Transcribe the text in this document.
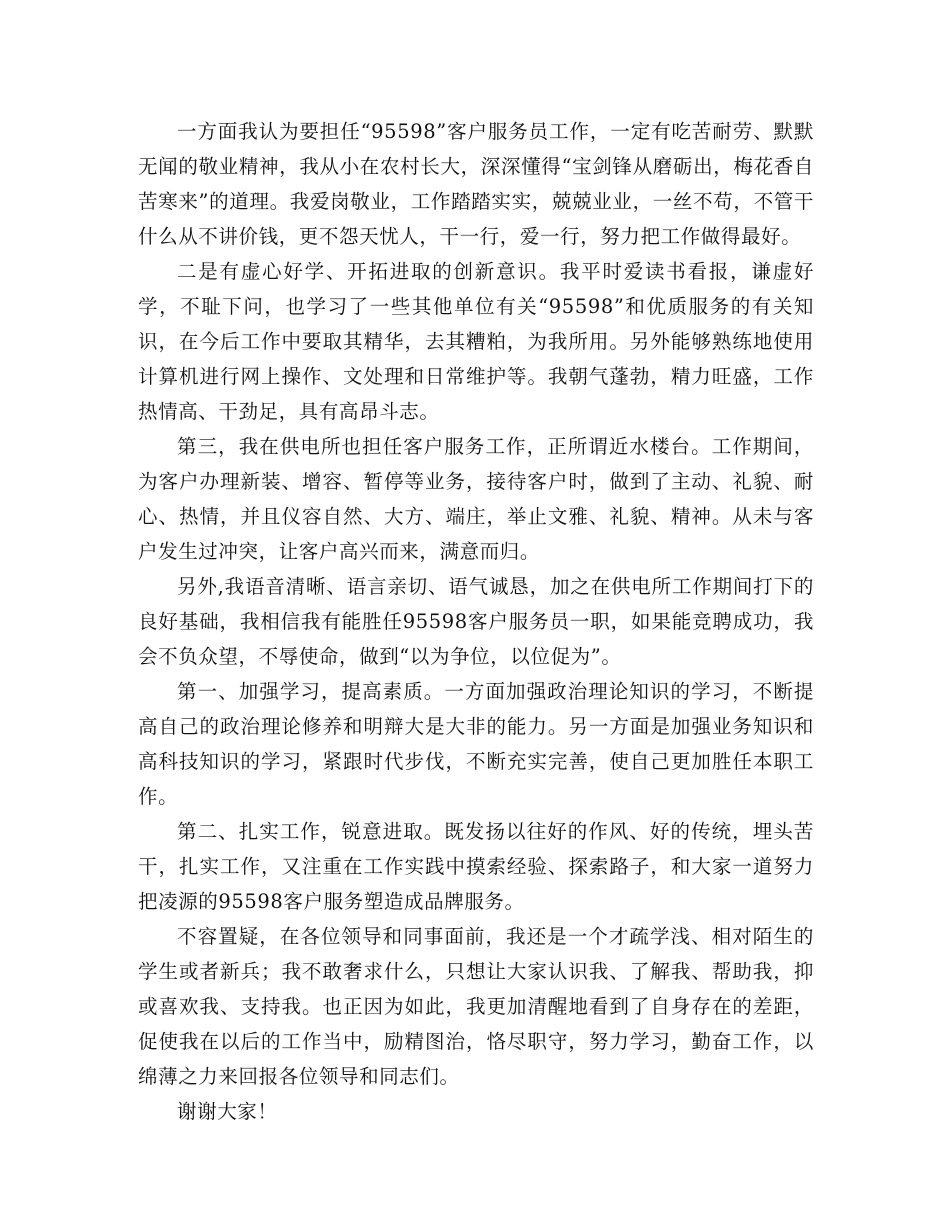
一方面我认为要担任“95598”客户服务员工作，一定有吃苦耐劳、默默无闻的敬业精神，我从小在农村长大，深深懂得“宝剑锋从磨砺出，梅花香自苦寒来”的道理。我爱岗敬业，工作踏踏实实，兢兢业业，一丝不苟，不管干什么从不讲价钱，更不怨天忧人，干一行，爱一行，努力把工作做得最好。

二是有虚心好学、开拓进取的创新意识。我平时爱读书看报，谦虚好学，不耻下问，也学习了一些其他单位有关“95598”和优质服务的有关知识，在今后工作中要取其精华，去其糟粕，为我所用。另外能够熟练地使用计算机进行网上操作、文处理和日常维护等。我朝气蓬勃，精力旺盛，工作热情高、干劲足，具有高昂斗志。

第三，我在供电所也担任客户服务工作，正所谓近水楼台。工作期间，为客户办理新装、增容、暂停等业务，接待客户时，做到了主动、礼貌、耐心、热情，并且仪容自然、大方、端庄，举止文雅、礼貌、精神。从未与客户发生过冲突，让客户高兴而来，满意而归。

另外,我语音清晰、语言亲切、语气诚恳，加之在供电所工作期间打下的良好基础，我相信我有能胜任95598客户服务员一职，如果能竞聘成功，我会不负众望，不辱使命，做到“以为争位，以位促为”。

第一、加强学习，提高素质。一方面加强政治理论知识的学习，不断提高自己的政治理论修养和明辩大是大非的能力。另一方面是加强业务知识和高科技知识的学习，紧跟时代步伐，不断充实完善，使自己更加胜任本职工作。

第二、扎实工作，锐意进取。既发扬以往好的作风、好的传统，埋头苦干，扎实工作，又注重在工作实践中摸索经验、探索路子，和大家一道努力把凌源的95598客户服务塑造成品牌服务。

不容置疑，在各位领导和同事面前，我还是一个才疏学浅、相对陌生的学生或者新兵；我不敢奢求什么，只想让大家认识我、了解我、帮助我，抑或喜欢我、支持我。也正因为如此，我更加清醒地看到了自身存在的差距，促使我在以后的工作当中，励精图治，恪尽职守，努力学习，勤奋工作，以绵薄之力来回报各位领导和同志们。

谢谢大家！
